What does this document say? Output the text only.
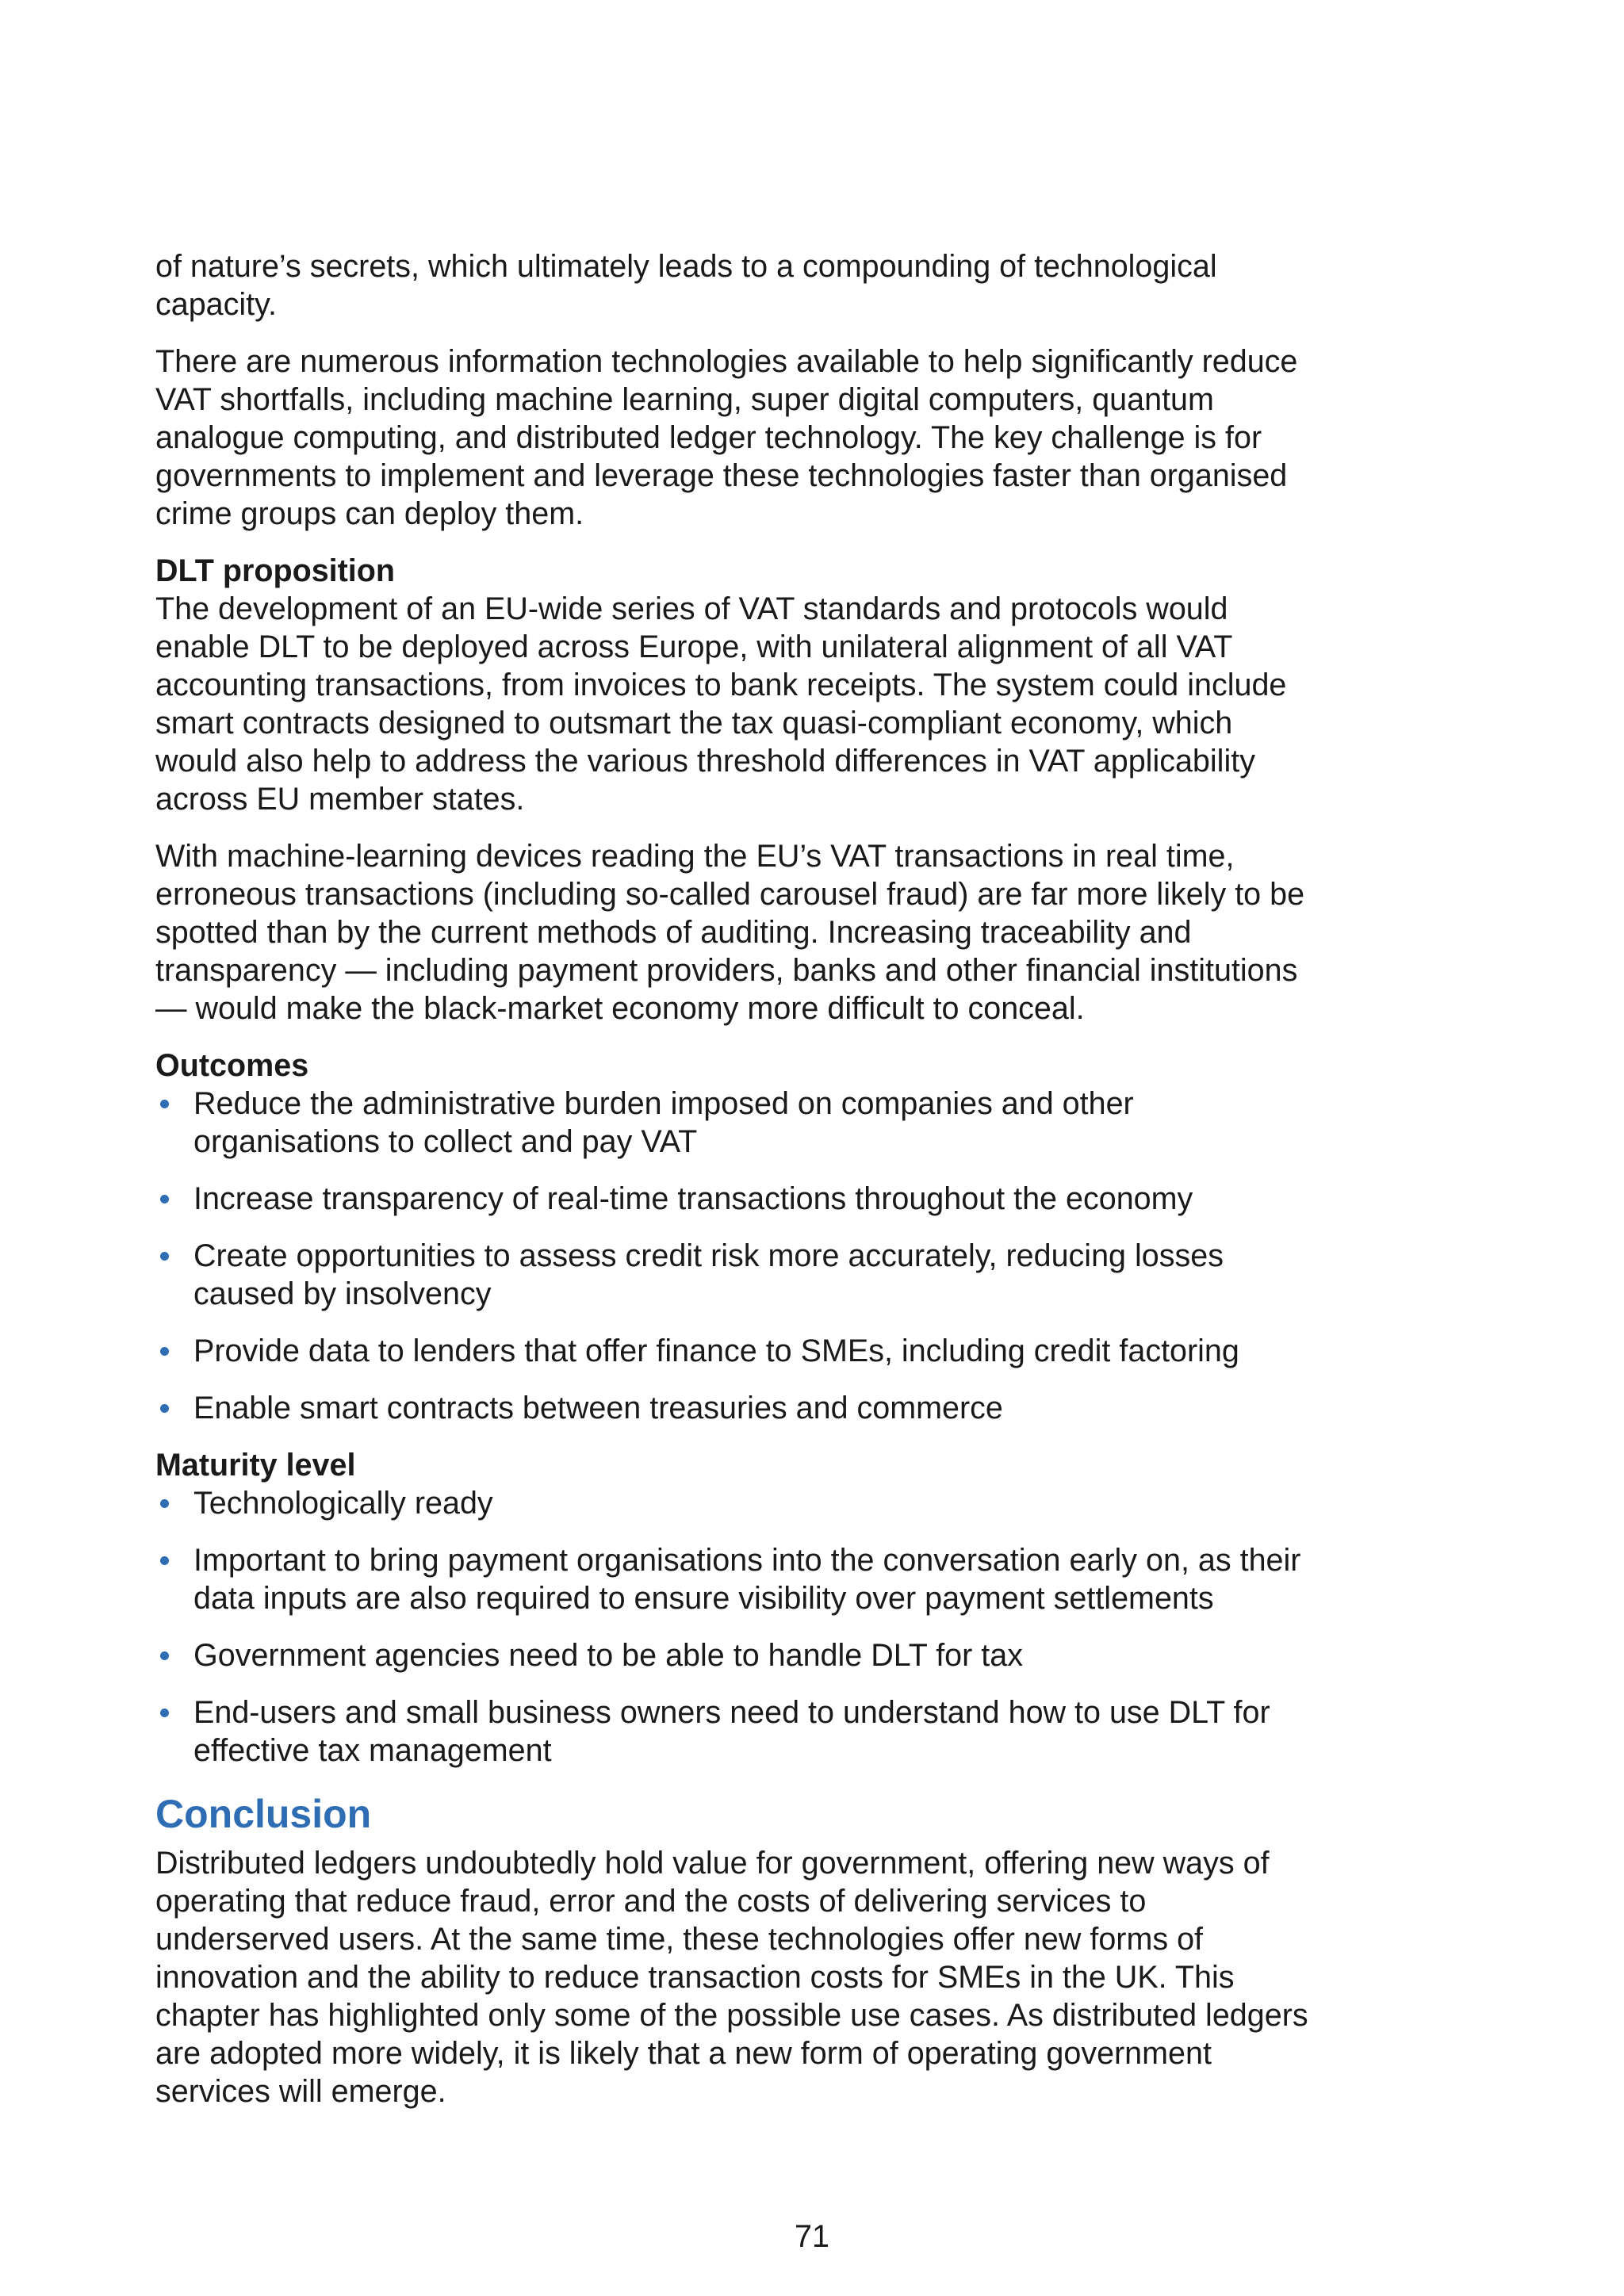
of nature’s secrets, which ultimately leads to a compounding of technological capacity.

There are numerous information technologies available to help significantly reduce VAT shortfalls, including machine learning, super digital computers, quantum analogue computing, and distributed ledger technology. The key challenge is for governments to implement and leverage these technologies faster than organised crime groups can deploy them.

DLT proposition

The development of an EU-wide series of VAT standards and protocols would enable DLT to be deployed across Europe, with unilateral alignment of all VAT accounting transactions, from invoices to bank receipts. The system could include smart contracts designed to outsmart the tax quasi-compliant economy, which would also help to address the various threshold differences in VAT applicability across EU member states.

With machine-learning devices reading the EU’s VAT transactions in real time, erroneous transactions (including so-called carousel fraud) are far more likely to be spotted than by the current methods of auditing. Increasing traceability and transparency — including payment providers, banks and other financial institutions — would make the black-market economy more difficult to conceal.

Outcomes
Reduce the administrative burden imposed on companies and other organisations to collect and pay VAT
Increase transparency of real-time transactions throughout the economy
Create opportunities to assess credit risk more accurately, reducing losses caused by insolvency
Provide data to lenders that offer finance to SMEs, including credit factoring
Enable smart contracts between treasuries and commerce
Maturity level
Technologically ready
Important to bring payment organisations into the conversation early on, as their data inputs are also required to ensure visibility over payment settlements
Government agencies need to be able to handle DLT for tax
End-users and small business owners need to understand how to use DLT for effective tax management
Conclusion

Distributed ledgers undoubtedly hold value for government, offering new ways of operating that reduce fraud, error and the costs of delivering services to underserved users. At the same time, these technologies offer new forms of innovation and the ability to reduce transaction costs for SMEs in the UK. This chapter has highlighted only some of the possible use cases. As distributed ledgers are adopted more widely, it is likely that a new form of operating government services will emerge.

71
